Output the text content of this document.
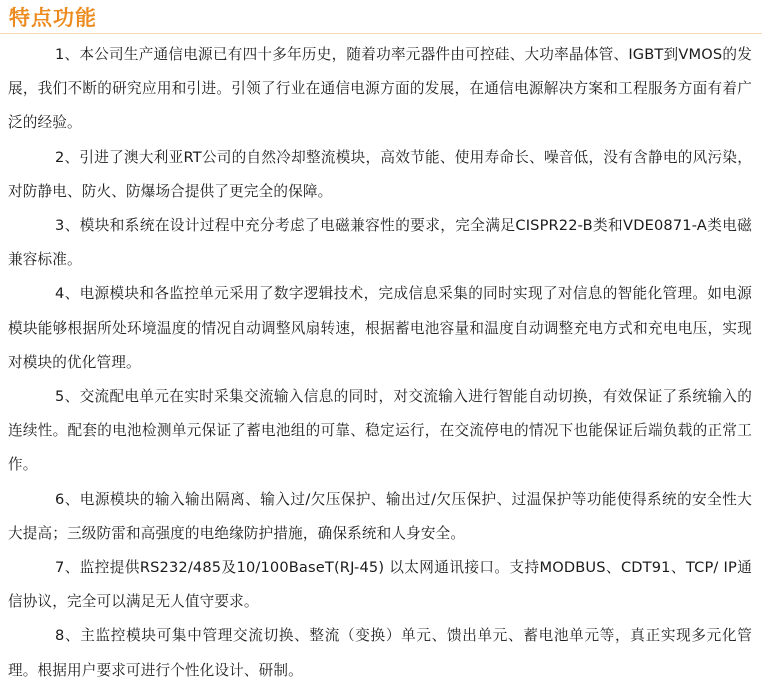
特点功能

1、本公司生产通信电源已有四十多年历史，随着功率元器件由可控硅、大功率晶体管、IGBT到VMOS的发展，我们不断的研究应用和引进。引领了行业在通信电源方面的发展，在通信电源解决方案和工程服务方面有着广泛的经验。

2、引进了澳大利亚RT公司的自然冷却整流模块，高效节能、使用寿命长、噪音低，没有含静电的风污染，对防静电、防火、防爆场合提供了更完全的保障。

3、模块和系统在设计过程中充分考虑了电磁兼容性的要求，完全满足CISPR22-B类和VDE0871-A类电磁兼容标准。

4、电源模块和各监控单元采用了数字逻辑技术，完成信息采集的同时实现了对信息的智能化管理。如电源模块能够根据所处环境温度的情况自动调整风扇转速，根据蓄电池容量和温度自动调整充电方式和充电电压，实现对模块的优化管理。

5、交流配电单元在实时采集交流输入信息的同时，对交流输入进行智能自动切换，有效保证了系统输入的连续性。配套的电池检测单元保证了蓄电池组的可靠、稳定运行，在交流停电的情况下也能保证后端负载的正常工作。

6、电源模块的输入输出隔离、输入过/欠压保护、输出过/欠压保护、过温保护等功能使得系统的安全性大大提高；三级防雷和高强度的电绝缘防护措施，确保系统和人身安全。

7、监控提供RS232/485及10/100BaseT(RJ-45) 以太网通讯接口。支持MODBUS、CDT91、TCP/ IP通信协议，完全可以满足无人值守要求。

8、主监控模块可集中管理交流切换、整流（变换）单元、馈出单元、蓄电池单元等，真正实现多元化管理。根据用户要求可进行个性化设计、研制。
